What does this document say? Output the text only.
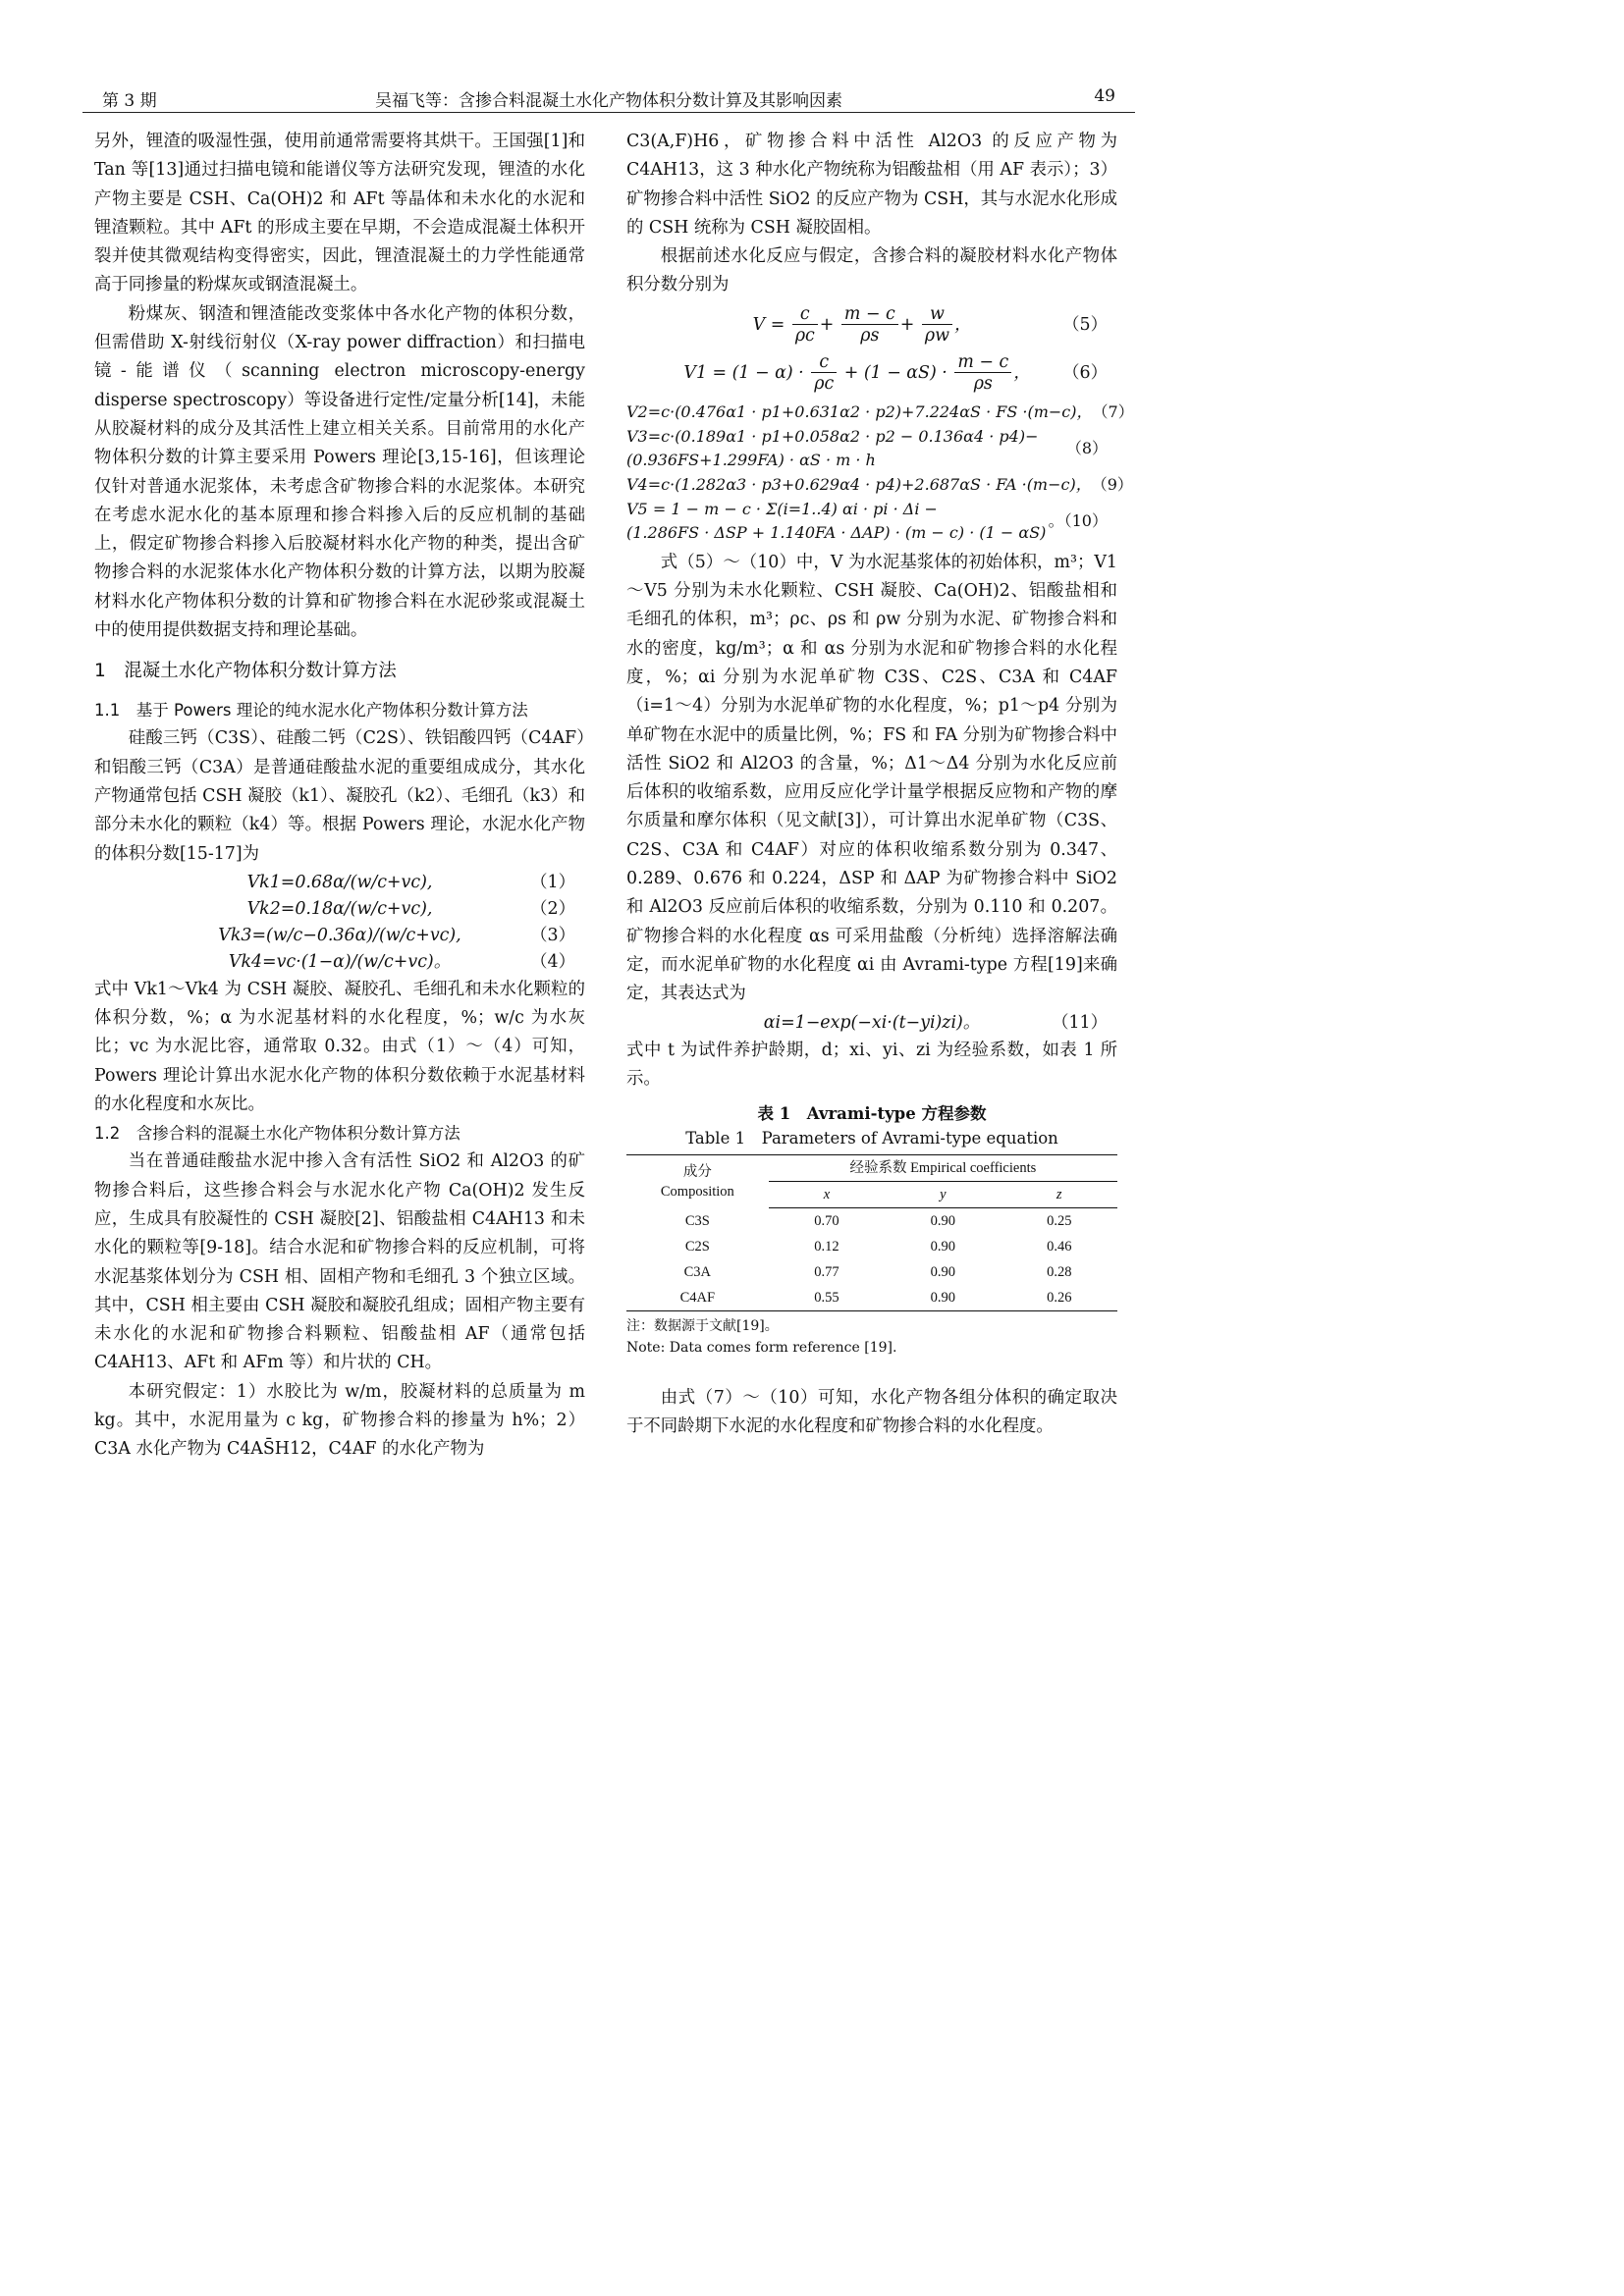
第 3 期	吴福飞等：含掺合料混凝土水化产物体积分数计算及其影响因素	49

另外，锂渣的吸湿性强，使用前通常需要将其烘干。王国强[1]和 Tan 等[13]通过扫描电镜和能谱仪等方法研究发现，锂渣的水化产物主要是 CSH、Ca(OH)2 和 AFt 等晶体和未水化的水泥和锂渣颗粒。其中 AFt 的形成主要在早期，不会造成混凝土体积开裂并使其微观结构变得密实，因此，锂渣混凝土的力学性能通常高于同掺量的粉煤灰或钢渣混凝土。

粉煤灰、钢渣和锂渣能改变浆体中各水化产物的体积分数，但需借助 X-射线衍射仪（X-ray power diffraction）和扫描电镜-能谱仪（scanning electron microscopy-energy disperse spectroscopy）等设备进行定性/定量分析[14]，未能从胶凝材料的成分及其活性上建立相关关系。目前常用的水化产物体积分数的计算主要采用 Powers 理论[3,15-16]，但该理论仅针对普通水泥浆体，未考虑含矿物掺合料的水泥浆体。本研究在考虑水泥水化的基本原理和掺合料掺入后的反应机制的基础上，假定矿物掺合料掺入后胶凝材料水化产物的种类，提出含矿物掺合料的水泥浆体水化产物体积分数的计算方法，以期为胶凝材料水化产物体积分数的计算和矿物掺合料在水泥砂浆或混凝土中的使用提供数据支持和理论基础。

1　混凝土水化产物体积分数计算方法
1.1　基于 Powers 理论的纯水泥水化产物体积分数计算方法

硅酸三钙（C3S）、硅酸二钙（C2S）、铁铝酸四钙（C4AF）和铝酸三钙（C3A）是普通硅酸盐水泥的重要组成成分，其水化产物通常包括 CSH 凝胶（k1）、凝胶孔（k2）、毛细孔（k3）和部分未水化的颗粒（k4）等。根据 Powers 理论，水泥水化产物的体积分数[15-17]为

Vk1=0.68α/(w/c+vc),	（1）
Vk2=0.18α/(w/c+vc),	（2）
Vk3=(w/c−0.36α)/(w/c+vc),	（3）
Vk4=vc·(1−α)/(w/c+vc)。	（4）

式中 Vk1～Vk4 为 CSH 凝胶、凝胶孔、毛细孔和未水化颗粒的体积分数，%；α 为水泥基材料的水化程度，%；w/c 为水灰比；vc 为水泥比容，通常取 0.32。由式（1）～（4）可知，Powers 理论计算出水泥水化产物的体积分数依赖于水泥基材料的水化程度和水灰比。

1.2　含掺合料的混凝土水化产物体积分数计算方法

当在普通硅酸盐水泥中掺入含有活性 SiO2 和 Al2O3 的矿物掺合料后，这些掺合料会与水泥水化产物 Ca(OH)2 发生反应，生成具有胶凝性的 CSH 凝胶[2]、铝酸盐相 C4AH13 和未水化的颗粒等[9-18]。结合水泥和矿物掺合料的反应机制，可将水泥基浆体划分为 CSH 相、固相产物和毛细孔 3 个独立区域。其中，CSH 相主要由 CSH 凝胶和凝胶孔组成；固相产物主要有未水化的水泥和矿物掺合料颗粒、铝酸盐相 AF（通常包括 C4AH13、AFt 和 AFm 等）和片状的 CH。

本研究假定：1）水胶比为 w/m，胶凝材料的总质量为 m kg。其中，水泥用量为 c kg，矿物掺合料的掺量为 h%；2）C3A 水化产物为 C4AS̄H12，C4AF 的水化产物为

C3(A,F)H6，矿物掺合料中活性 Al2O3 的反应产物为 C4AH13，这 3 种水化产物统称为铝酸盐相（用 AF 表示）；3）矿物掺合料中活性 SiO2 的反应产物为 CSH，其与水泥水化形成的 CSH 统称为 CSH 凝胶固相。

根据前述水化反应与假定，含掺合料的凝胶材料水化产物体积分数分别为

$V = \frac{c}{\rho c} + \frac{m - c}{\rho s} + \frac{w}{\rho w}$ ，	（5）
$V1 = (1 - \alpha) \cdot \frac{c}{\rho c} + (1 - \alpha S) \cdot \frac{m - c}{\rho s}$ ，	（6）
V2=c·(0.476α1 · p1+0.631α2 · p2)+7.224αS · FS ·(m−c)， （7）
V3=c·(0.189α1 · p1+0.058α2 · p2 − 0.136α4 · p4)−
(0.936FS+1.299FA) · αS · m · h
（8）
V4=c·(1.282α3 · p3+0.629α4 · p4)+2.687αS · FA ·(m−c)， （9）
V5 = 1 − m − c · Σ(i=1..4) αi · pi · Δi −
(1.286FS · ΔSP + 1.140FA · ΔAP) · (m − c) · (1 − αS)
。（10）

式（5）～（10）中，V 为水泥基浆体的初始体积，m³；V1～V5 分别为未水化颗粒、CSH 凝胶、Ca(OH)2、铝酸盐相和毛细孔的体积，m³；ρc、ρs 和 ρw 分别为水泥、矿物掺合料和水的密度，kg/m³；α 和 αs 分别为水泥和矿物掺合料的水化程度，%；αi 分别为水泥单矿物 C3S、C2S、C3A 和 C4AF（i=1～4）分别为水泥单矿物的水化程度，%；p1～p4 分别为单矿物在水泥中的质量比例，%；FS 和 FA 分别为矿物掺合料中活性 SiO2 和 Al2O3 的含量，%；Δ1～Δ4 分别为水化反应前后体积的收缩系数，应用反应化学计量学根据反应物和产物的摩尔质量和摩尔体积（见文献[3]），可计算出水泥单矿物（C3S、C2S、C3A 和 C4AF）对应的体积收缩系数分别为 0.347、0.289、0.676 和 0.224，ΔSP 和 ΔAP 为矿物掺合料中 SiO2 和 Al2O3 反应前后体积的收缩系数，分别为 0.110 和 0.207。矿物掺合料的水化程度 αs 可采用盐酸（分析纯）选择溶解法确定，而水泥单矿物的水化程度 αi 由 Avrami-type 方程[19]来确定，其表达式为

αi=1−exp(−xi·(t−yi)zi)。	（11）

式中 t 为试件养护龄期，d；xi、yi、zi 为经验系数，如表 1 所示。

表 1　Avrami-type 方程参数
Table 1　Parameters of Avrami-type equation
成分
Composition	经验系数 Empirical coefficients		
	x	y	z
C3S	0.70	0.90	0.25
C2S	0.12	0.90	0.46
C3A	0.77	0.90	0.28
C4AF	0.55	0.90	0.26
注：数据源于文献[19]。
Note: Data comes form reference [19].

由式（7）～（10）可知，水化产物各组分体积的确定取决于不同龄期下水泥的水化程度和矿物掺合料的水化程度。
